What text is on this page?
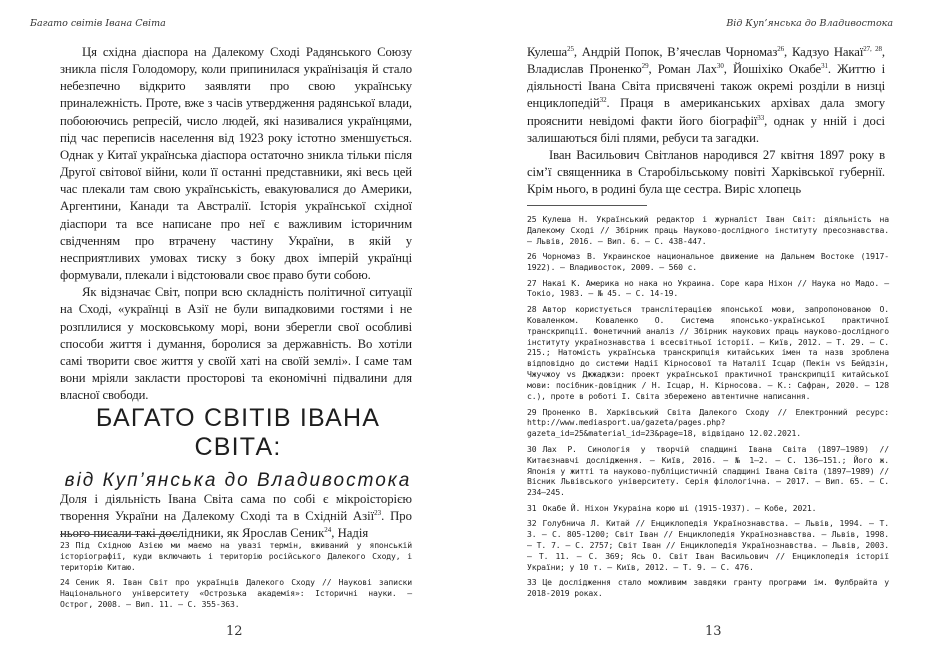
Багато світів Івана Світа

Ця східна діаспора на Далекому Сході Радянського Союзу зникла після Голодомору, коли припинилася українізація й стало небезпечно відкрито заявляти про свою українську приналежність. Проте, вже з часів утвердження радянської влади, побоюючись репресій, число людей, які називалися українцями, під час переписів населення від 1923 року істотно зменшується. Однак у Китаї українська діаспора остаточно зникла тільки після Другої світової війни, коли її останні представники, які весь цей час плекали там свою українськість, евакуювалися до Америки, Аргентини, Канади та Австралії. Історія української східної діаспори та все написане про неї є важливим історичним свідченням про втрачену частину України, в якій у несприятливих умовах тиску з боку двох імперій українці формували, плекали і відстоювали своє право бути собою.

Як відзначає Світ, попри всю складність політичної ситуації на Сході, «українці в Азії не були випадковими гостями і не розплилися у московському морі, вони зберегли свої особливі способи життя і думання, боролися за державність. Во хотіли самі творити своє життя у своїй хаті на своїй землі». І саме там вони мріяли закласти просторові та економічні підвалини для власної свободи.

БАГАТО СВІТІВ ІВАНА СВІТА:
від Куп’янська до Владивостока

Доля і діяльність Івана Світа сама по собі є мікроісторією творення України на Далекому Сході та в Східній Азії$^{23}$. Про нього писали такі дослідники, як Ярослав Сеник$^{24}$, Надія

23 Під Східною Азією ми маємо на увазі термін, вживаний у японській історіографії, куди включають і територію російського Далекого Сходу, і територію Китаю.

24 Сеник Я. Іван Світ про українців Далекого Сходу // Наукові записки Національного університету «Острозька академія»: Історичні науки. – Острог, 2008. – Вип. 11. – С. 355-363.

12
Від Куп’янська до Владивостока

Кулеша$^{25}$, Андрій Попок, В’ячеслав Чорномаз$^{26}$, Кадзуо Накаї$^{27, 28}$, Владислав Проненко$^{29}$, Роман Лах$^{30}$, Йошіхіко Окабе$^{31}$. Життю і діяльності Івана Світа присвячені також окремі розділи в низці енциклопедій$^{32}$. Праця в американських архівах дала змогу прояснити невідомі факти його біографії$^{33}$, однак у нній і досі залишаються білі плями, ребуси та загадки.

Іван Васильович Світланов народився 27 квітня 1897 року в сім’ї священника в Старобільському повіті Харківської губернії. Крім нього, в родині була ще сестра. Виріс хлопець

25 Кулеша Н. Український редактор і журналіст Іван Світ: діяльність на Далекому Сході // Збірник праць Науково-дослідного інституту пресознавства. – Львів, 2016. – Вип. 6. – С. 438-447.

26 Чорномаз В. Украинское национальное движение на Дальнем Востоке (1917-1922). – Владивосток, 2009. – 560 с.

27 Накаі К. Америка но нака но Украина. Соре кара Ніхон // Наука но Мадо. – Токіо, 1983. – № 45. – С. 14-19.

28 Автор користується транслітерацією японської мови, запропонованою О. Коваленком. Коваленко О. Система японсько-української практичної транскрипції. Фонетичний аналіз // Збірник наукових праць науково-дослідного інституту українознавства і всесвітньої історії. – Київ, 2012. – Т. 29. – С. 215.; Натомість українська транскрипція китайських імен та назв зроблена відповідно до системи Надії Кірносової та Наталії Ісцар (Пекін vs Бейдзін, Чжучжоу vs Джжаджзи: проект української практичної транскрипції китайської мови: посібник-довідник / Н. Ісцар, Н. Кірносова. – К.: Сафран, 2020. – 128 с.), проте в роботі І. Світа збережено автентичне написання.

29 Проненко В. Харківський Світа Далекого Сходу // Електронний ресурс: http://www.mediasport.ua/gazeta/pages.php?gazeta_id=25&material_id=23&page=18, відвідано 12.02.2021.

30 Лах Р. Синологія у творчій спадщині Івана Світа (1897–1989) // Китаєзнавчі дослідження. – Київ, 2016. – № 1–2. – С. 136–151.; Його ж. Японія у житті та науково-публіцистичній спадщині Івана Світа (1897–1989) // Вісник Львівського університету. Серія філологічна. – 2017. – Вип. 65. – С. 234–245.

31 Окабе Й. Ніхон Укураіна корю ші (1915-1937). – Кобе, 2021.

32 Голубнича Л. Китай // Енциклопедія Українознавства. – Львів, 1994. – Т. 3. – С. 805-1200; Світ Іван // Енциклопедія Українознавства. – Львів, 1998. – Т. 7. – С. 2757; Світ Іван // Енциклопедія Українознавства. – Львів, 2003. – Т. 11. – С. 369; Ясь О. Світ Іван Васильович // Енциклопедія історії України; у 10 т. – Київ, 2012. – Т. 9. – С. 476.

33 Це дослідження стало можливим завдяки гранту програми ім. Фулбрайта у 2018-2019 роках.

13
